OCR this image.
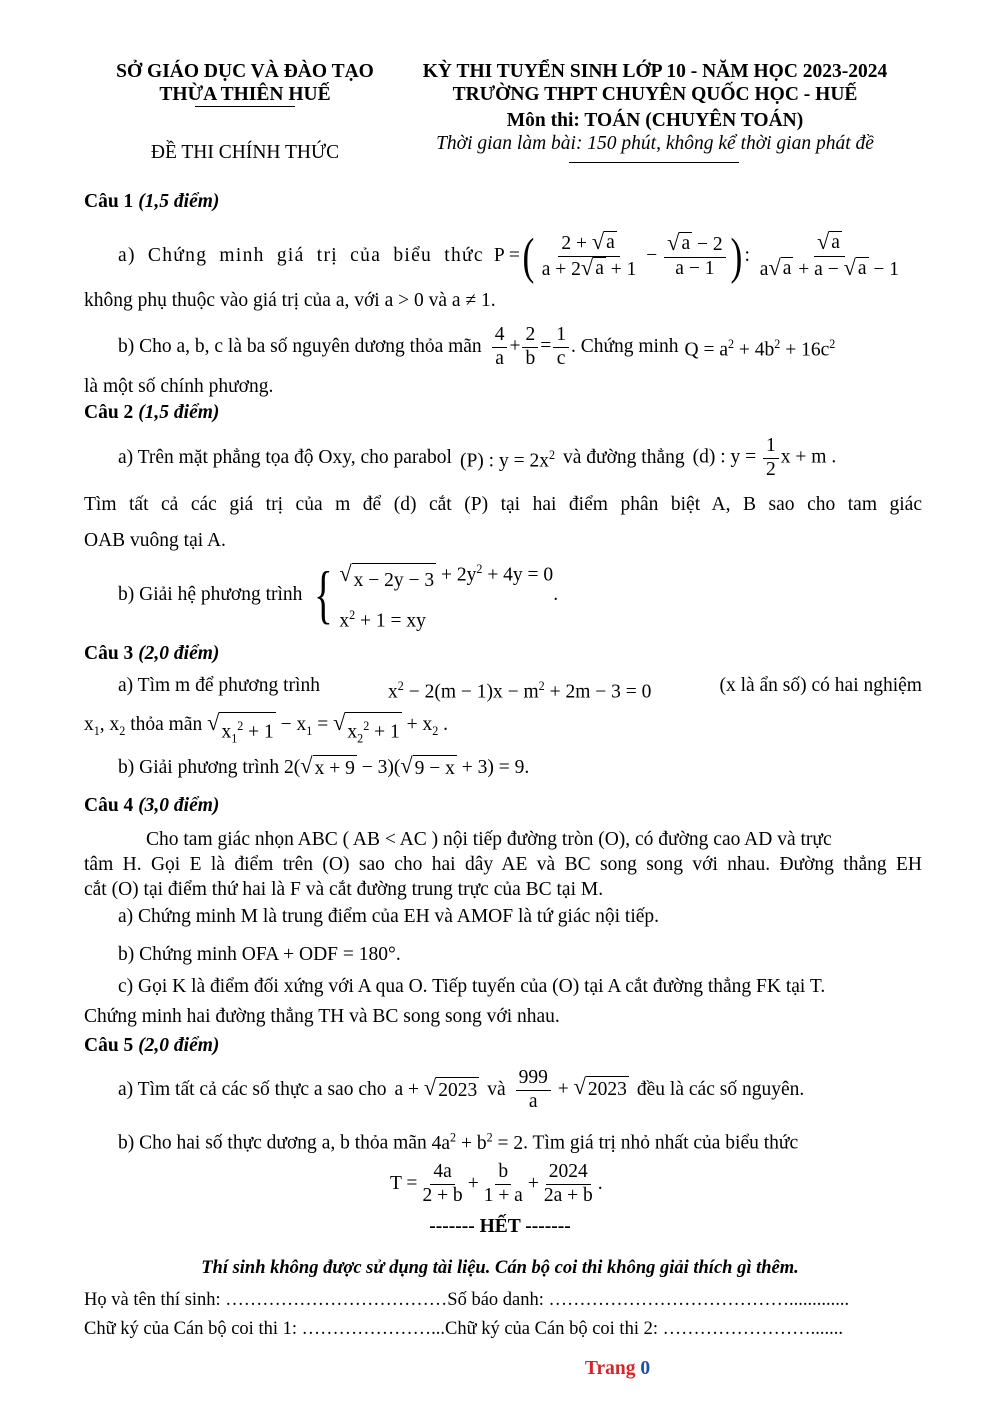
SỞ GIÁO DỤC VÀ ĐÀO TẠO
THỪA THIÊN HUẾ
ĐỀ THI CHÍNH THỨC
KỲ THI TUYỂN SINH LỚP 10 - NĂM HỌC 2023-2024
TRƯỜNG THPT CHUYÊN QUỐC HỌC - HUẾ
Môn thi: TOÁN (CHUYÊN TOÁN)
Thời gian làm bài: 150 phút, không kể thời gian phát đề
Câu 1 (1,5 điểm)
a) Chứng minh giá trị của biểu thức P =( $\frac{2 + √ a}{a + 2 √ a + 1} - \frac{√ a - 2}{a - 1}$ ) : $\frac{√ a}{a √ a + a - √ a - 1}$
không phụ thuộc vào giá trị của a, với a > 0 và a ≠ 1.
b) Cho a, b, c là ba số nguyên dương thỏa mãn $\frac{4}{a} + \frac{2}{b} = \frac{1}{c}$ . Chứng minh $Q = a^2 + 4b^2 + 16c^2$
là một số chính phương.
Câu 2 (1,5 điểm)
a) Trên mặt phẳng tọa độ Oxy, cho parabol (P) : $y = 2x^2$ và đường thẳng (d) : $y = \frac{1}{2}$ x + m .
Tìm tất cả các giá trị của m để (d) cắt (P) tại hai điểm phân biệt A, B sao cho tam giác
OAB vuông tại A.
b) Giải hệ phương trình { √ $x - 2y - 3 + 2y^2 + 4y = 0$
$x^2 + 1$ = xy
.
Câu 3 (2,0 điểm)
a) Tìm m để phương trình	$x^2 - 2(m - 1)x - m^2 + 2m - 3 = 0$	(x là ẩn số) có hai nghiệm
$x_1$, $x_2$ thỏa mãn √ $x_1^2 + 1 - x_1$ = √ $x_2^2 + 1 + x_2$ .
b) Giải phương trình 2( √ x + 9 − 3)( √ 9 − x + 3) = 9.
Câu 4 (3,0 điểm)
Cho tam giác nhọn ABC ( AB < AC ) nội tiếp đường tròn (O), có đường cao AD và trực
tâm H. Gọi E là điểm trên (O) sao cho hai dây AE và BC song song với nhau. Đường thẳng EH
cắt (O) tại điểm thứ hai là F và cắt đường trung trực của BC tại M.
a) Chứng minh M là trung điểm của EH và AMOF là tứ giác nội tiếp.
b) Chứng minh OFA + ODF = 180°.
c) Gọi K là điểm đối xứng với A qua O. Tiếp tuyến của (O) tại A cắt đường thẳng FK tại T.
Chứng minh hai đường thẳng TH và BC song song với nhau.
Câu 5 (2,0 điểm)
a) Tìm tất cả các số thực a sao cho a + √ 2023 và $\frac{999}{a}$ + √ 2023 đều là các số nguyên.
b) Cho hai số thực dương a, b thỏa mãn $4a^2 + b^2 = 2$. Tìm giá trị nhỏ nhất của biểu thức
$T = \frac{4a}{2 + b} + \frac{b}{1 + a} + \frac{2024}{2a + b}$ .
------- HẾT -------
Thí sinh không được sử dụng tài liệu. Cán bộ coi thi không giải thích gì thêm.
Họ và tên thí sinh: ………………………………Số báo danh: ………………………………….............
Chữ ký của Cán bộ coi thi 1: …………………...Chữ ký của Cán bộ coi thi 2: …………………….......
Trang 0
